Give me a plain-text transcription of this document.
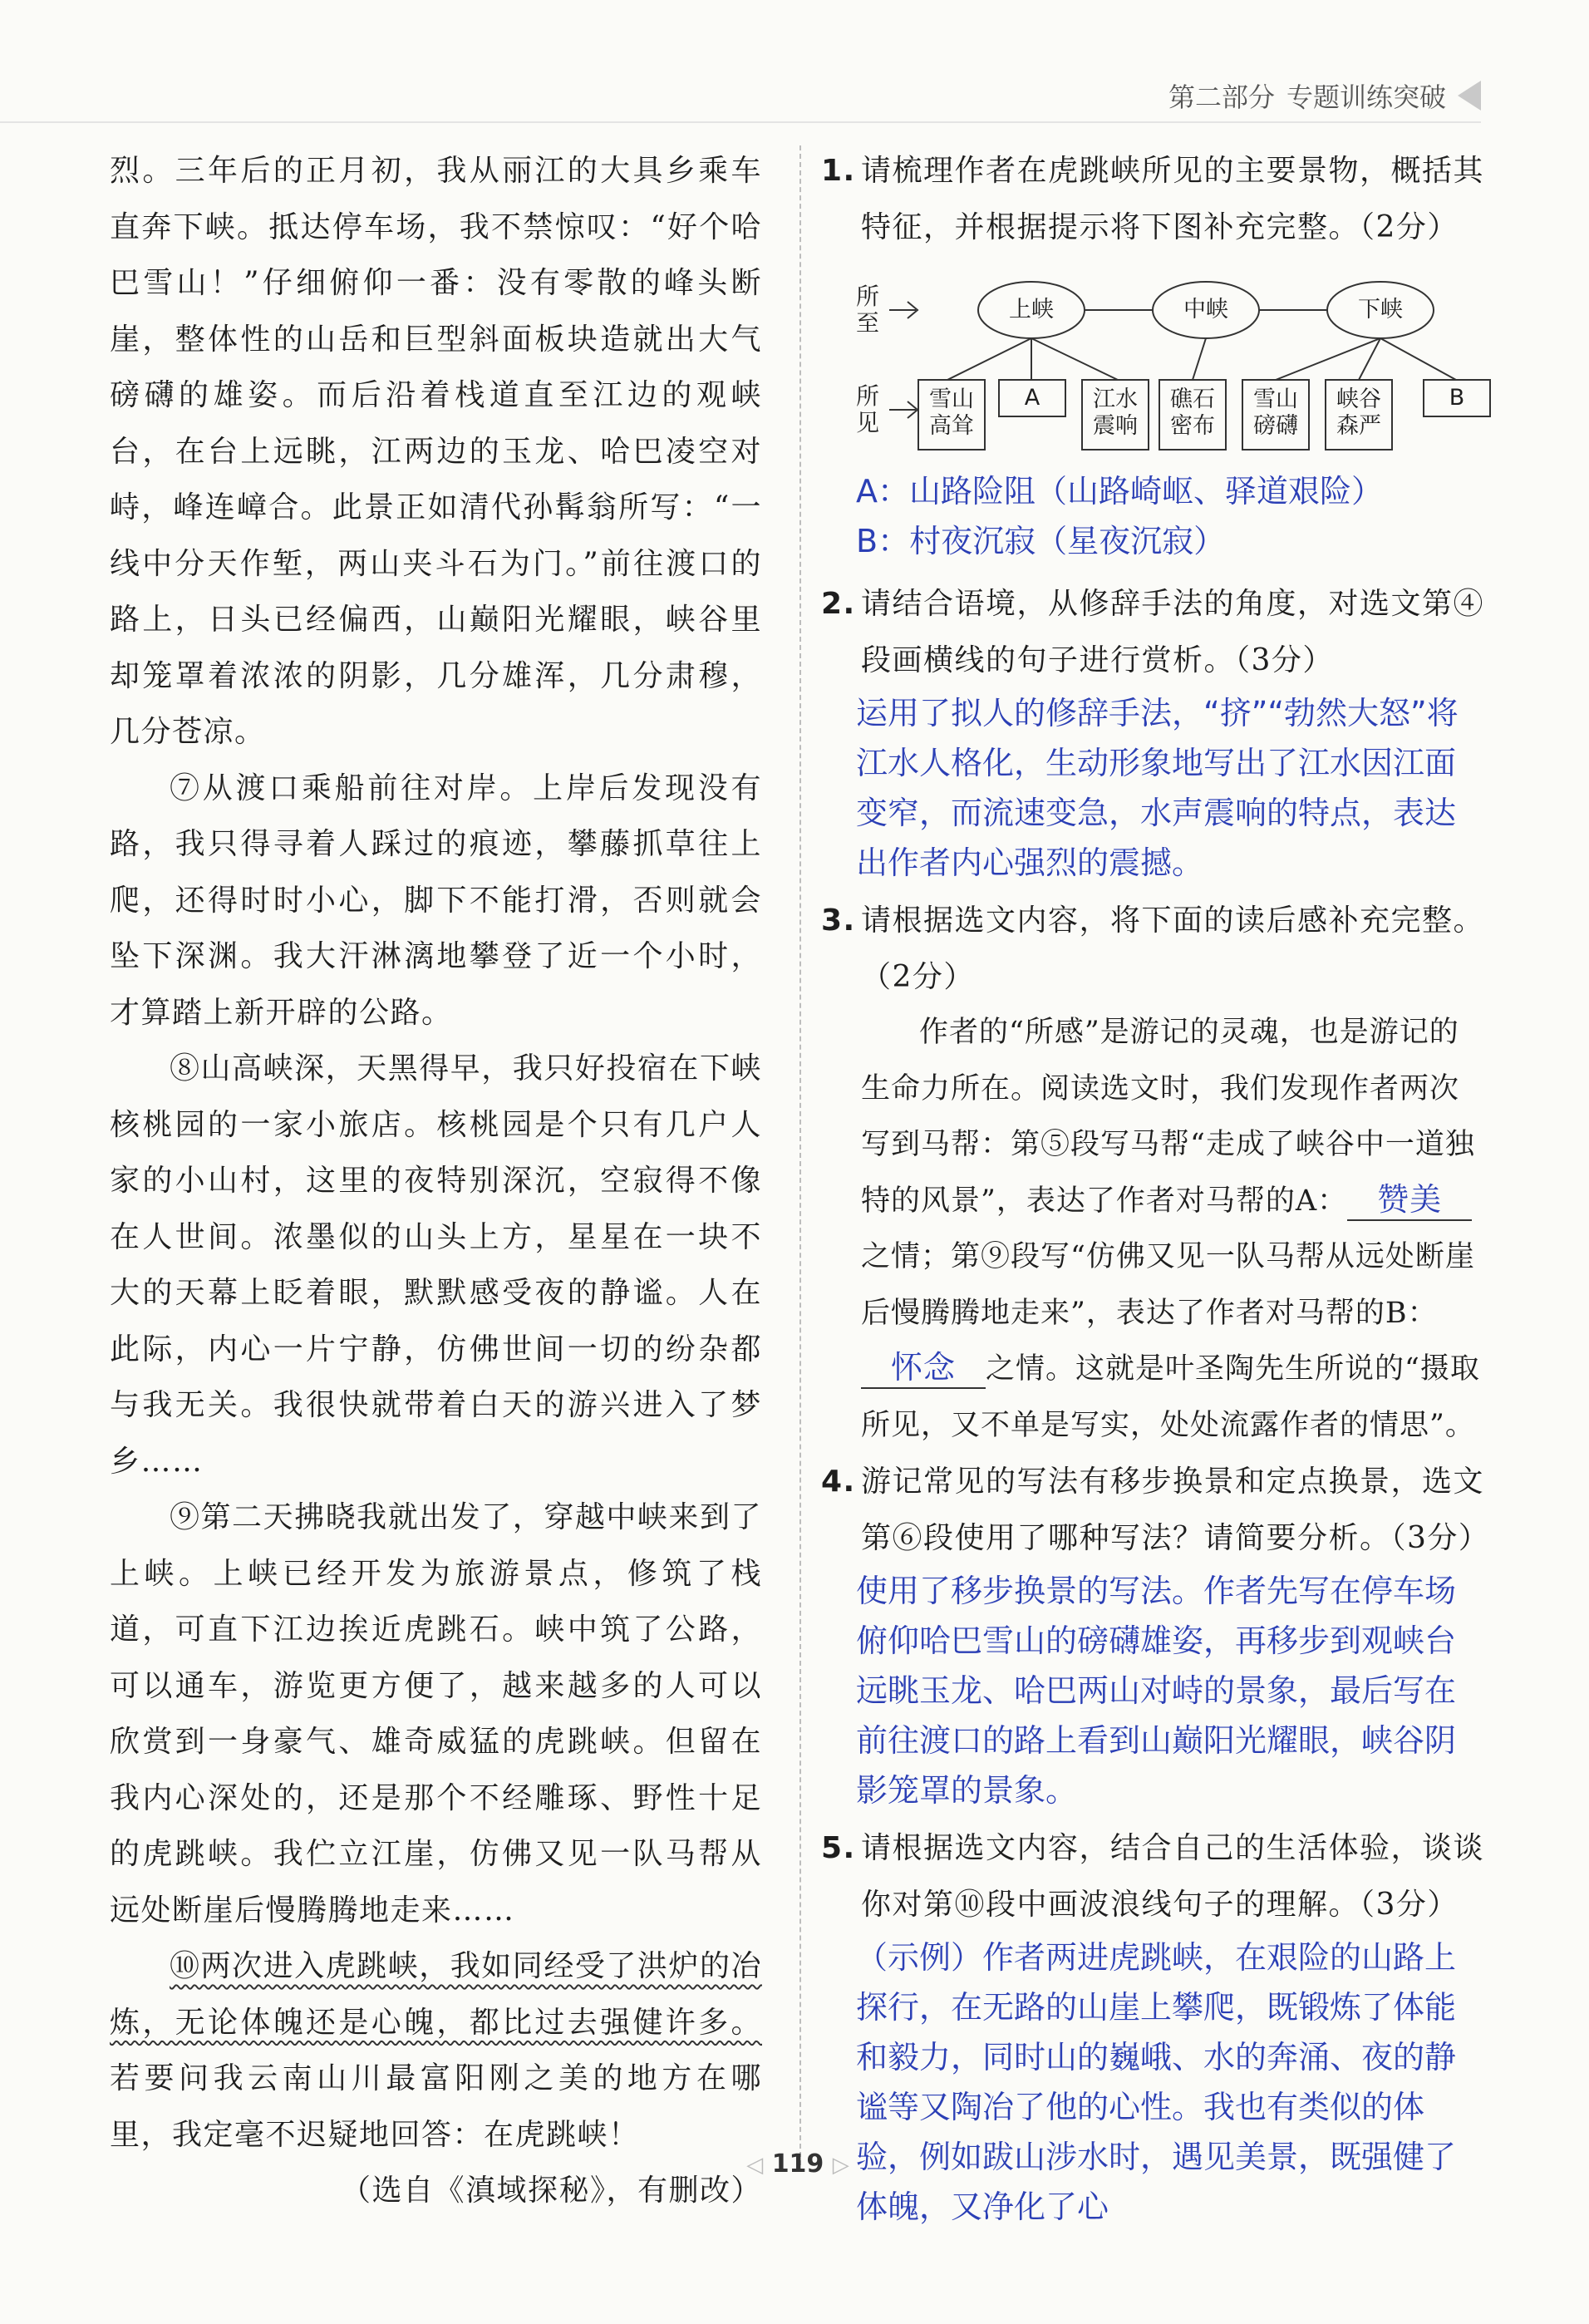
第二部分 专题训练突破

烈。三年后的正月初，我从丽江的大具乡乘车直奔下峡。抵达停车场，我不禁惊叹：“好个哈巴雪山！”仔细俯仰一番：没有零散的峰头断崖，整体性的山岳和巨型斜面板块造就出大气磅礴的雄姿。而后沿着栈道直至江边的观峡台，在台上远眺，江两边的玉龙、哈巴凌空对峙，峰连嶂合。此景正如清代孙髯翁所写：“一线中分天作堑，两山夹斗石为门。”前往渡口的路上，日头已经偏西，山巅阳光耀眼，峡谷里却笼罩着浓浓的阴影，几分雄浑，几分肃穆，几分苍凉。

⑦从渡口乘船前往对岸。上岸后发现没有路，我只得寻着人踩过的痕迹，攀藤抓草往上爬，还得时时小心，脚下不能打滑，否则就会坠下深渊。我大汗淋漓地攀登了近一个小时，才算踏上新开辟的公路。

⑧山高峡深，天黑得早，我只好投宿在下峡核桃园的一家小旅店。核桃园是个只有几户人家的小山村，这里的夜特别深沉，空寂得不像在人世间。浓墨似的山头上方，星星在一块不大的天幕上眨着眼，默默感受夜的静谧。人在此际，内心一片宁静，仿佛世间一切的纷杂都与我无关。我很快就带着白天的游兴进入了梦乡……

⑨第二天拂晓我就出发了，穿越中峡来到了上峡。上峡已经开发为旅游景点，修筑了栈道，可直下江边挨近虎跳石。峡中筑了公路，可以通车，游览更方便了，越来越多的人可以欣赏到一身豪气、雄奇威猛的虎跳峡。但留在我内心深处的，还是那个不经雕琢、野性十足的虎跳峡。我伫立江崖，仿佛又见一队马帮从远处断崖后慢腾腾地走来……

⑩两次进入虎跳峡，我如同经受了洪炉的冶炼，无论体魄还是心魄，都比过去强健许多。若要问我云南山川最富阳刚之美的地方在哪里，我定毫不迟疑地回答：在虎跳峡！

（选自《滇域探秘》，有删改）

1. 请梳理作者在虎跳峡所见的主要景物，概括其特征，并根据提示将下图补充完整。（2分）
所至
所见
上峡	中峡	下峡
雪山高耸
A	江水震响
礁石密布
雪山磅礴
峡谷森严
B
A：山路险阻（山路崎岖、驿道艰险）
B：村夜沉寂（星夜沉寂）
2. 请结合语境，从修辞手法的角度，对选文第④段画横线的句子进行赏析。（3分）
运用了拟人的修辞手法，“挤”“勃然大怒”将江水人格化，生动形象地写出了江水因江面变窄，而流速变急，水声震响的特点，表达出作者内心强烈的震撼。
3. 请根据选文内容，将下面的读后感补充完整。（2分）
作者的“所感”是游记的灵魂，也是游记的生命力所在。阅读选文时，我们发现作者两次写到马帮：第⑤段写马帮“走成了峡谷中一道独特的风景”，表达了作者对马帮的A： 赞美之情；第⑨段写“仿佛又见一队马帮从远处断崖后慢腾腾地走来”，表达了作者对马帮的B：怀念 之情。这就是叶圣陶先生所说的“摄取所见，又不单是写实，处处流露作者的情思”。
4. 游记常见的写法有移步换景和定点换景，选文第⑥段使用了哪种写法？请简要分析。（3分）
使用了移步换景的写法。作者先写在停车场俯仰哈巴雪山的磅礴雄姿，再移步到观峡台远眺玉龙、哈巴两山对峙的景象，最后写在前往渡口的路上看到山巅阳光耀眼，峡谷阴影笼罩的景象。
5. 请根据选文内容，结合自己的生活体验，谈谈你对第⑩段中画波浪线句子的理解。（3分）
（示例）作者两进虎跳峡，在艰险的山路上探行，在无路的山崖上攀爬，既锻炼了体能和毅力，同时山的巍峨、水的奔涌、夜的静谧等又陶冶了他的心性。我也有类似的体验，例如跋山涉水时，遇见美景，既强健了体魄，又净化了心
◁ 119 ▷
